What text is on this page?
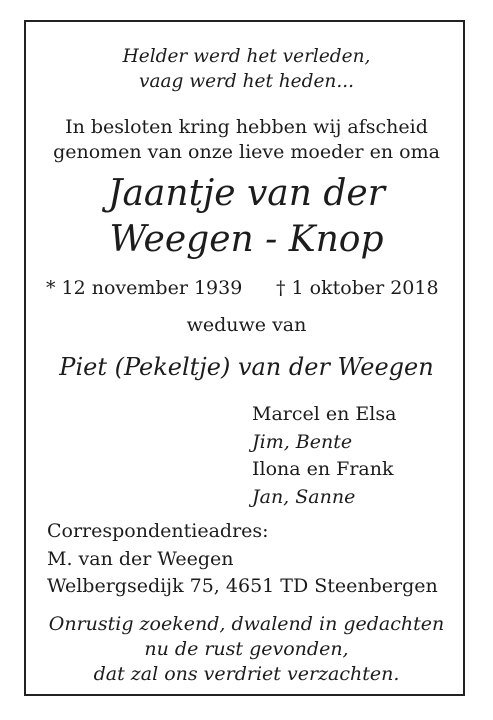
Helder werd het verleden,
vaag werd het heden...
In besloten kring hebben wij afscheid
genomen van onze lieve moeder en oma
Jaantje van der
Weegen - Knop
* 12 november 1939 † 1 oktober 2018
weduwe van
Piet (Pekeltje) van der Weegen
Marcel en Elsa
Jim, Bente
Ilona en Frank
Jan, Sanne
Correspondentieadres:
M. van der Weegen
Welbergsedijk 75, 4651 TD Steenbergen
Onrustig zoekend, dwalend in gedachten
nu de rust gevonden,
dat zal ons verdriet verzachten.
